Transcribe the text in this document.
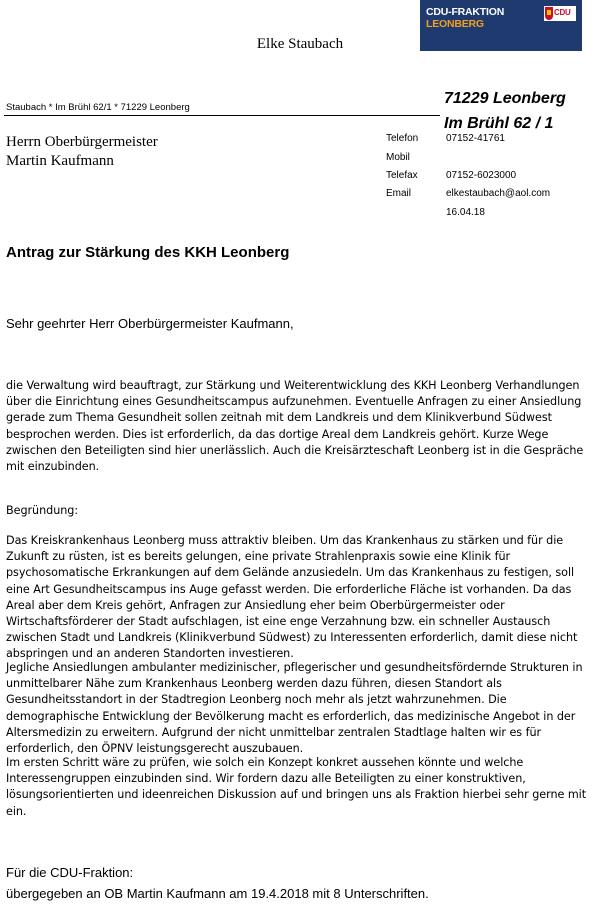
CDU-FRAKTION
LEONBERG
CDU
Elke Staubach
Staubach * Im Brühl 62/1 * 71229 Leonberg
71229 Leonberg
Im Brühl 62 / 1
Herrn Oberbürgermeister
Martin Kaufmann
Telefon	07152-41761
Mobil
Telefax	07152-6023000
Email	elkestaubach@aol.com
16.04.18
Antrag zur Stärkung des KKH Leonberg
Sehr geehrter Herr Oberbürgermeister Kaufmann,
die Verwaltung wird beauftragt, zur Stärkung und Weiterentwicklung des KKH Leonberg Verhandlungen über die Einrichtung eines Gesundheitscampus aufzunehmen. Eventuelle Anfragen zu einer Ansiedlung gerade zum Thema Gesundheit sollen zeitnah mit dem Landkreis und dem Klinikverbund Südwest besprochen werden. Dies ist erforderlich, da das dortige Areal dem Landkreis gehört. Kurze Wege zwischen den Beteiligten sind hier unerlässlich. Auch die Kreisärzteschaft Leonberg ist in die Gespräche mit einzubinden.
Begründung:
Das Kreiskrankenhaus Leonberg muss attraktiv bleiben. Um das Krankenhaus zu stärken und für die Zukunft zu rüsten, ist es bereits gelungen, eine private Strahlenpraxis sowie eine Klinik für psychosomatische Erkrankungen auf dem Gelände anzusiedeln. Um das Krankenhaus zu festigen, soll eine Art Gesundheitscampus ins Auge gefasst werden. Die erforderliche Fläche ist vorhanden. Da das Areal aber dem Kreis gehört, Anfragen zur Ansiedlung eher beim Oberbürgermeister oder Wirtschaftsförderer der Stadt aufschlagen, ist eine enge Verzahnung bzw. ein schneller Austausch zwischen Stadt und Landkreis (Klinikverbund Südwest) zu Interessenten erforderlich, damit diese nicht abspringen und an anderen Standorten investieren.
Jegliche Ansiedlungen ambulanter medizinischer, pflegerischer und gesundheitsfördernde Strukturen in unmittelbarer Nähe zum Krankenhaus Leonberg werden dazu führen, diesen Standort als Gesundheitsstandort in der Stadtregion Leonberg noch mehr als jetzt wahrzunehmen. Die demographische Entwicklung der Bevölkerung macht es erforderlich, das medizinische Angebot in der Altersmedizin zu erweitern. Aufgrund der nicht unmittelbar zentralen Stadtlage halten wir es für erforderlich, den ÖPNV leistungsgerecht auszubauen.
Im ersten Schritt wäre zu prüfen, wie solch ein Konzept konkret aussehen könnte und welche Interessengruppen einzubinden sind. Wir fordern dazu alle Beteiligten zu einer konstruktiven, lösungsorientierten und ideenreichen Diskussion auf und bringen uns als Fraktion hierbei sehr gerne mit ein.
Für die CDU-Fraktion:
übergegeben an OB Martin Kaufmann am 19.4.2018 mit 8 Unterschriften.
